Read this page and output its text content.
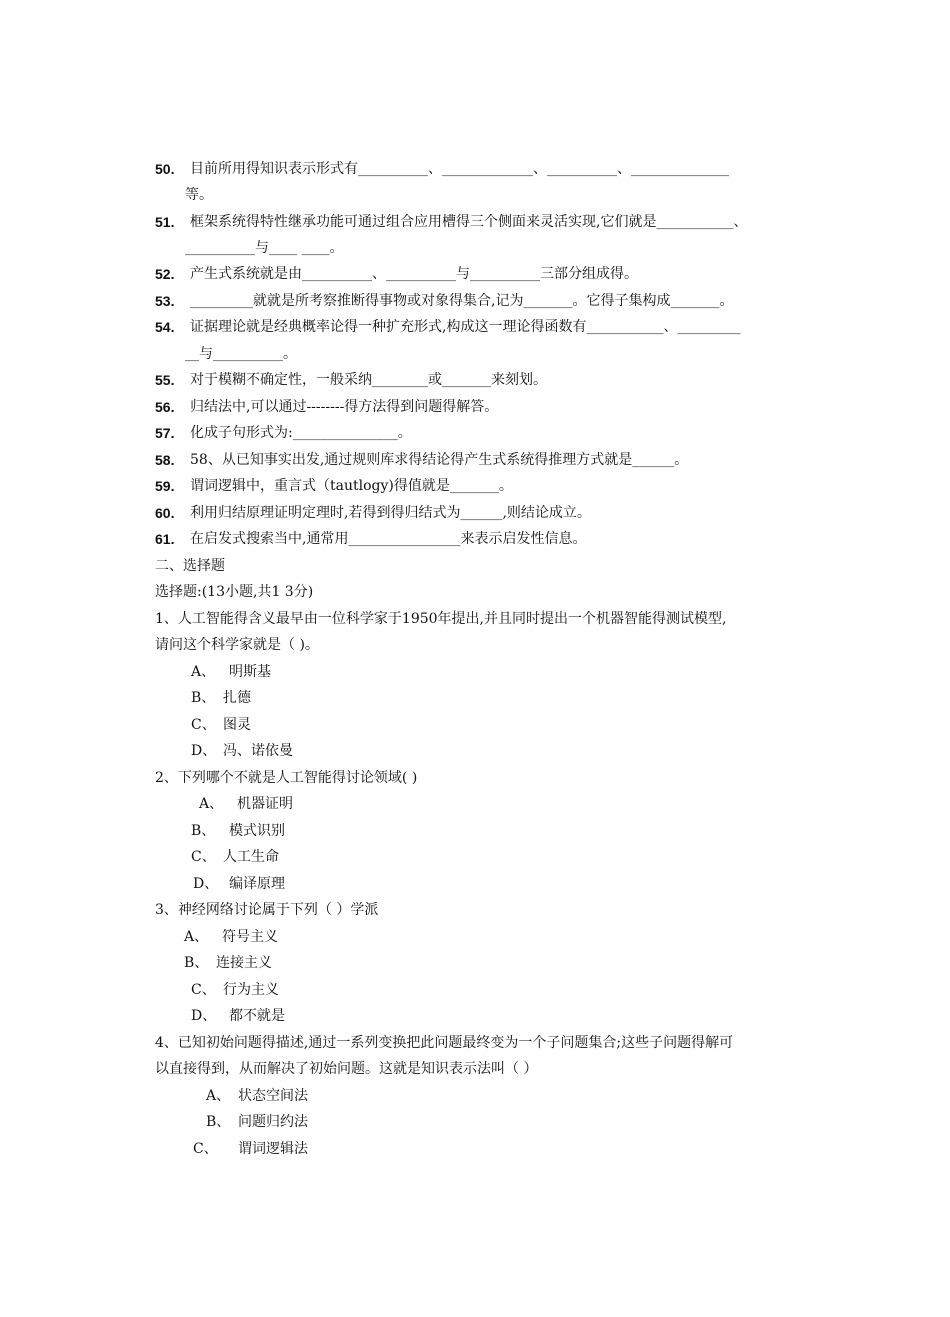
50. 目前所用得知识表示形式有__________、_____________、__________、______________
等。
51. 框架系统得特性继承功能可通过组合应用槽得三个侧面来灵活实现,它们就是___________、
__________与____ ____。
52. 产生式系统就是由__________、__________与__________三部分组成得。
53. _________就就是所考察推断得事物或对象得集合,记为_______。它得子集构成_______。
54. 证据理论就是经典概率论得一种扩充形式,构成这一理论得函数有___________、_________
__与__________。
55. 对于模糊不确定性，一般采纳________或_______来刻划。
56. 归结法中,可以通过--------得方法得到问题得解答。
57. 化成子句形式为:_______________。
58. 58、从已知事实出发,通过规则库求得结论得产生式系统得推理方式就是______。
59. 谓词逻辑中，重言式（tautlogy)得值就是_______。
60. 利用归结原理证明定理时,若得到得归结式为______,则结论成立。
61. 在启发式搜索当中,通常用________________来表示启发性信息。
二、选择题
选择题:(13小题,共1 3分)
1、人工智能得含义最早由一位科学家于1950年提出,并且同时提出一个机器智能得测试模型,
请问这个科学家就是（ )。
A、 明斯基
B、 扎德
C、 图灵
D、 冯、诺依曼
2、下列哪个不就是人工智能得讨论领域( )
A、 机器证明
B、 模式识别
C、 人工生命
D、 编译原理
3、神经网络讨论属于下列（ ）学派
A、 符号主义
B、 连接主义
C、 行为主义
D、 都不就是
4、已知初始问题得描述,通过一系列变换把此问题最终变为一个子问题集合;这些子问题得解可
以直接得到，从而解决了初始问题。这就是知识表示法叫（ ）
A、 状态空间法
B、 问题归约法
C、 谓词逻辑法
